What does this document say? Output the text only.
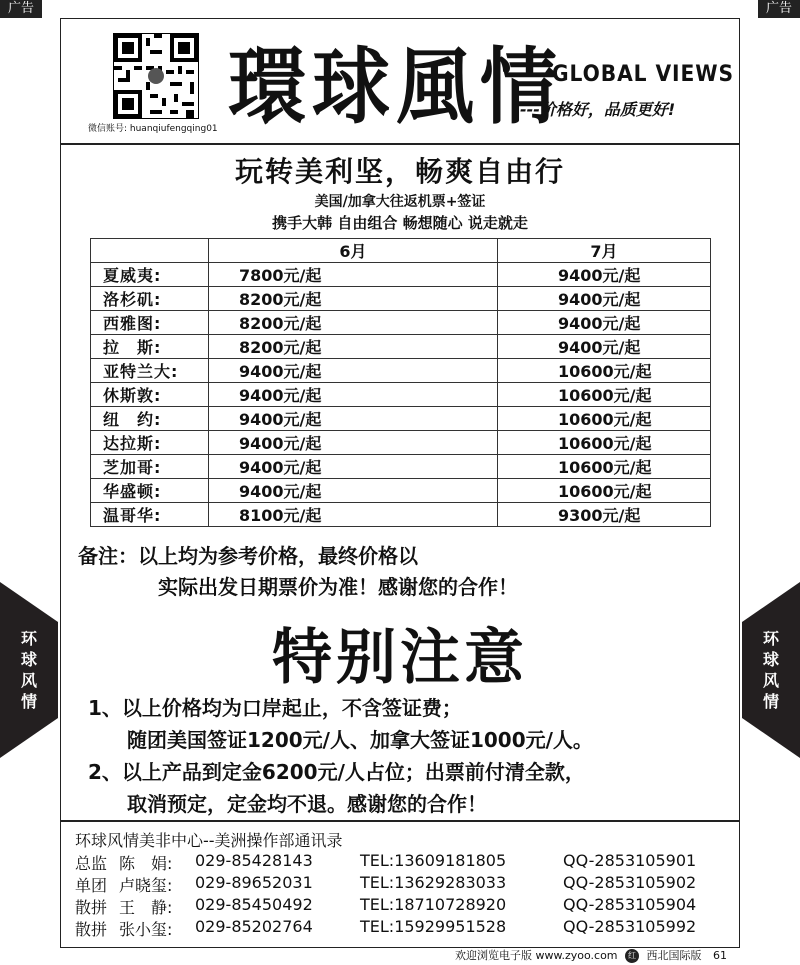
广告	广告
环球风情
环球风情
微信账号: huanqiufengqing01 環球風情
GLOBAL VIEWS
---价格好，品质更好!
玩转美利坚，畅爽自由行
美国/加拿大往返机票+签证
携手大韩 自由组合 畅想随心 说走就走
	6月	7月
夏威夷:	7800元/起	9400元/起
洛杉矶:	8200元/起	9400元/起
西雅图:	8200元/起	9400元/起
拉　斯:	8200元/起	9400元/起
亚特兰大:	9400元/起	10600元/起
休斯敦:	9400元/起	10600元/起
纽　约:	9400元/起	10600元/起
达拉斯:	9400元/起	10600元/起
芝加哥:	9400元/起	10600元/起
华盛顿:	9400元/起	10600元/起
温哥华:	8100元/起	9300元/起
备注：以上均为参考价格，最终价格以
实际出发日期票价为准！感谢您的合作！
特别注意
1、以上价格均为口岸起止，不含签证费；
随团美国签证1200元/人、加拿大签证1000元/人。
2、以上产品到定金6200元/人占位；出票前付清全款，
取消预定，定金均不退。感谢您的合作！
环球风情美非中心--美洲操作部通讯录
总监 陈　娟: 029-85428143	TEL:13609181805	QQ-2853105901
单团 卢晓玺: 029-89652031	TEL:13629283033	QQ-2853105902
散拼 王　静: 029-85450492	TEL:18710728920	QQ-2853105904
散拼 张小玺: 029-85202764	TEL:15929951528	QQ-2853105992
欢迎浏览电子版 www.zyoo.com 红 西北国际版 61
